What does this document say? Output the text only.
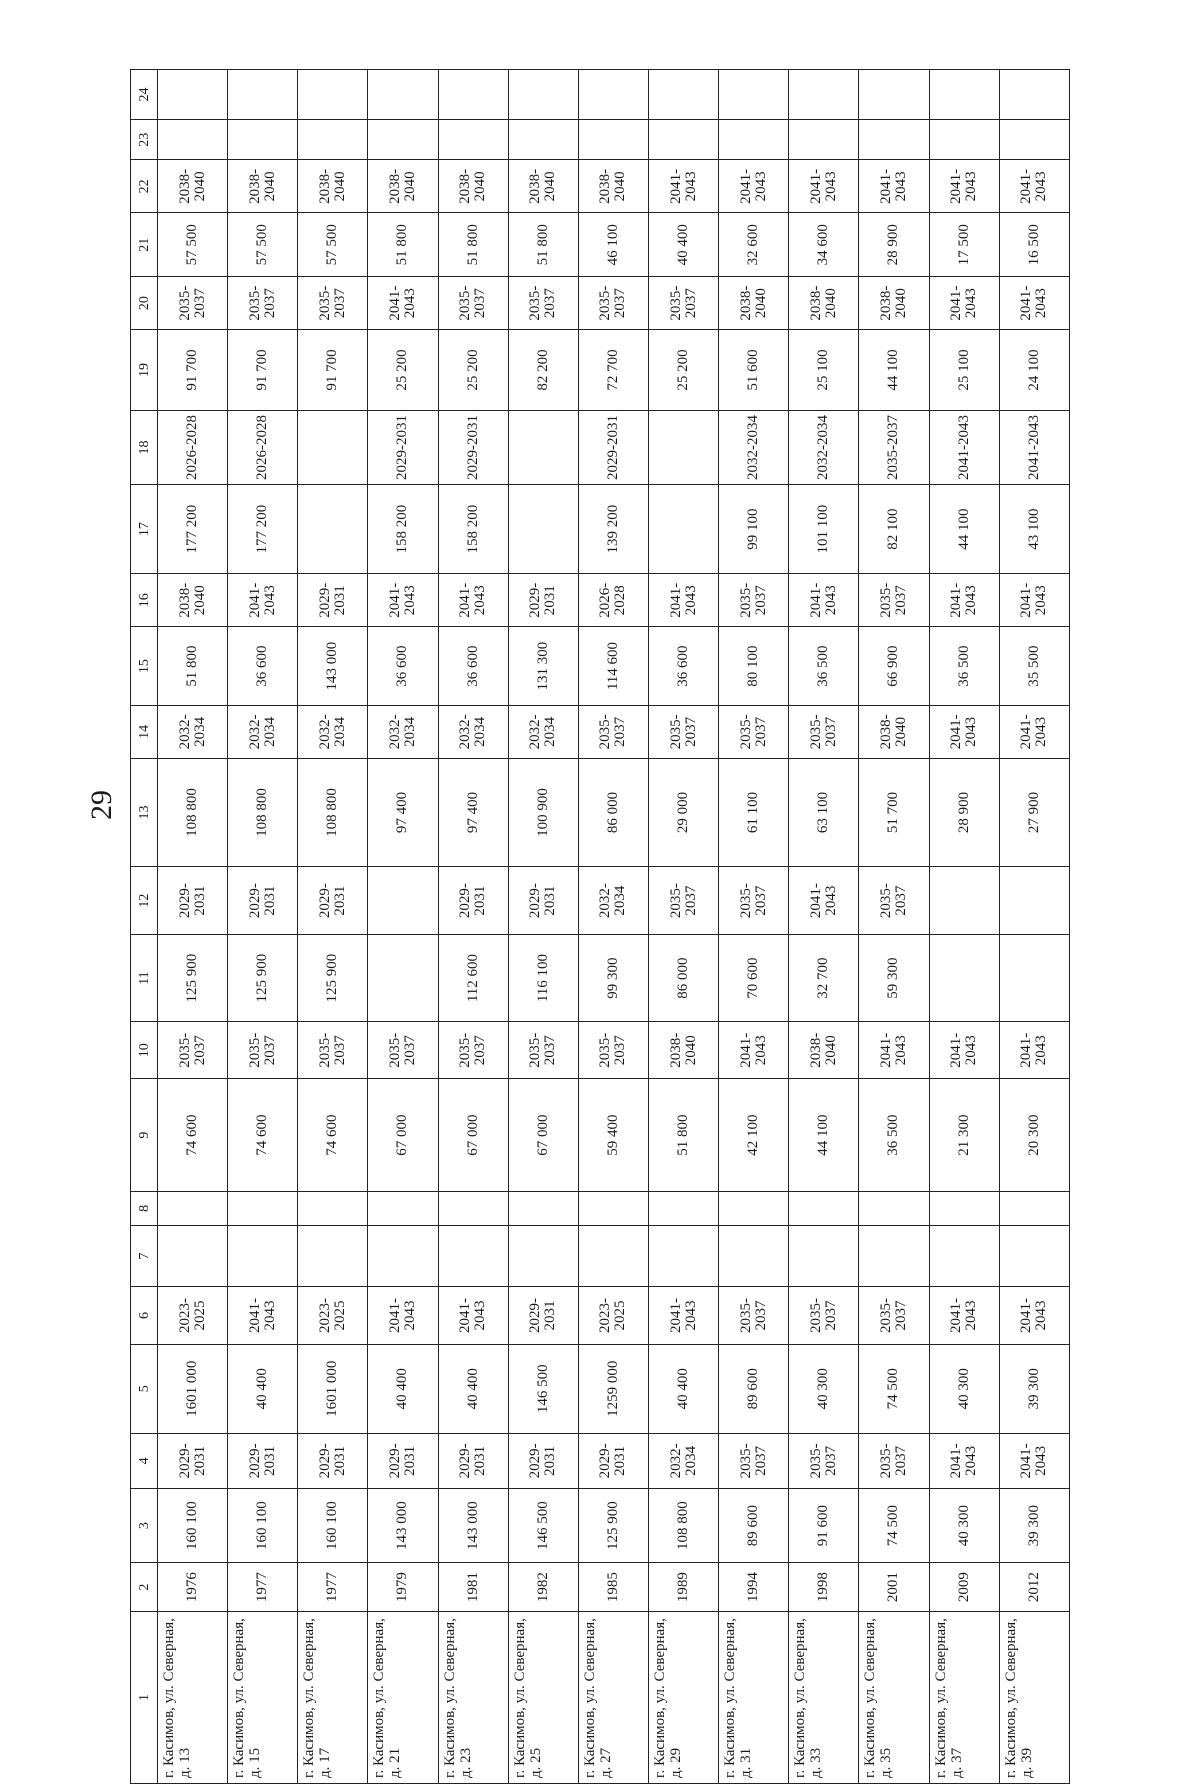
29
1	2	3	4	5	6	7	8	9	10	11	12	13	14	15	16	17	18	19	20	21	22	23	24
г. Касимов, ул. Северная, д. 13	1976	160 100	2029-2031	1601 000	2023-2025			74 600	2035-2037	125 900	2029-2031	108 800	2032-2034	51 800	2038-2040	177 200	2026-2028	91 700	2035-2037	57 500	2038-2040		
г. Касимов, ул. Северная, д. 15	1977	160 100	2029-2031	40 400	2041-2043			74 600	2035-2037	125 900	2029-2031	108 800	2032-2034	36 600	2041-2043	177 200	2026-2028	91 700	2035-2037	57 500	2038-2040		
г. Касимов, ул. Северная, д. 17	1977	160 100	2029-2031	1601 000	2023-2025			74 600	2035-2037	125 900	2029-2031	108 800	2032-2034	143 000	2029-2031			91 700	2035-2037	57 500	2038-2040		
г. Касимов, ул. Северная, д. 21	1979	143 000	2029-2031	40 400	2041-2043			67 000	2035-2037			97 400	2032-2034	36 600	2041-2043	158 200	2029-2031	25 200	2041-2043	51 800	2038-2040		
г. Касимов, ул. Северная, д. 23	1981	143 000	2029-2031	40 400	2041-2043			67 000	2035-2037	112 600	2029-2031	97 400	2032-2034	36 600	2041-2043	158 200	2029-2031	25 200	2035-2037	51 800	2038-2040		
г. Касимов, ул. Северная, д. 25	1982	146 500	2029-2031	146 500	2029-2031			67 000	2035-2037	116 100	2029-2031	100 900	2032-2034	131 300	2029-2031			82 200	2035-2037	51 800	2038-2040		
г. Касимов, ул. Северная, д. 27	1985	125 900	2029-2031	1259 000	2023-2025			59 400	2035-2037	99 300	2032-2034	86 000	2035-2037	114 600	2026-2028	139 200	2029-2031	72 700	2035-2037	46 100	2038-2040		
г. Касимов, ул. Северная, д. 29	1989	108 800	2032-2034	40 400	2041-2043			51 800	2038-2040	86 000	2035-2037	29 000	2035-2037	36 600	2041-2043			25 200	2035-2037	40 400	2041-2043		
г. Касимов, ул. Северная, д. 31	1994	89 600	2035-2037	89 600	2035-2037			42 100	2041-2043	70 600	2035-2037	61 100	2035-2037	80 100	2035-2037	99 100	2032-2034	51 600	2038-2040	32 600	2041-2043		
г. Касимов, ул. Северная, д. 33	1998	91 600	2035-2037	40 300	2035-2037			44 100	2038-2040	32 700	2041-2043	63 100	2035-2037	36 500	2041-2043	101 100	2032-2034	25 100	2038-2040	34 600	2041-2043		
г. Касимов, ул. Северная, д. 35	2001	74 500	2035-2037	74 500	2035-2037			36 500	2041-2043	59 300	2035-2037	51 700	2038-2040	66 900	2035-2037	82 100	2035-2037	44 100	2038-2040	28 900	2041-2043		
г. Касимов, ул. Северная, д. 37	2009	40 300	2041-2043	40 300	2041-2043			21 300	2041-2043			28 900	2041-2043	36 500	2041-2043	44 100	2041-2043	25 100	2041-2043	17 500	2041-2043		
г. Касимов, ул. Северная, д. 39	2012	39 300	2041-2043	39 300	2041-2043			20 300	2041-2043			27 900	2041-2043	35 500	2041-2043	43 100	2041-2043	24 100	2041-2043	16 500	2041-2043		
